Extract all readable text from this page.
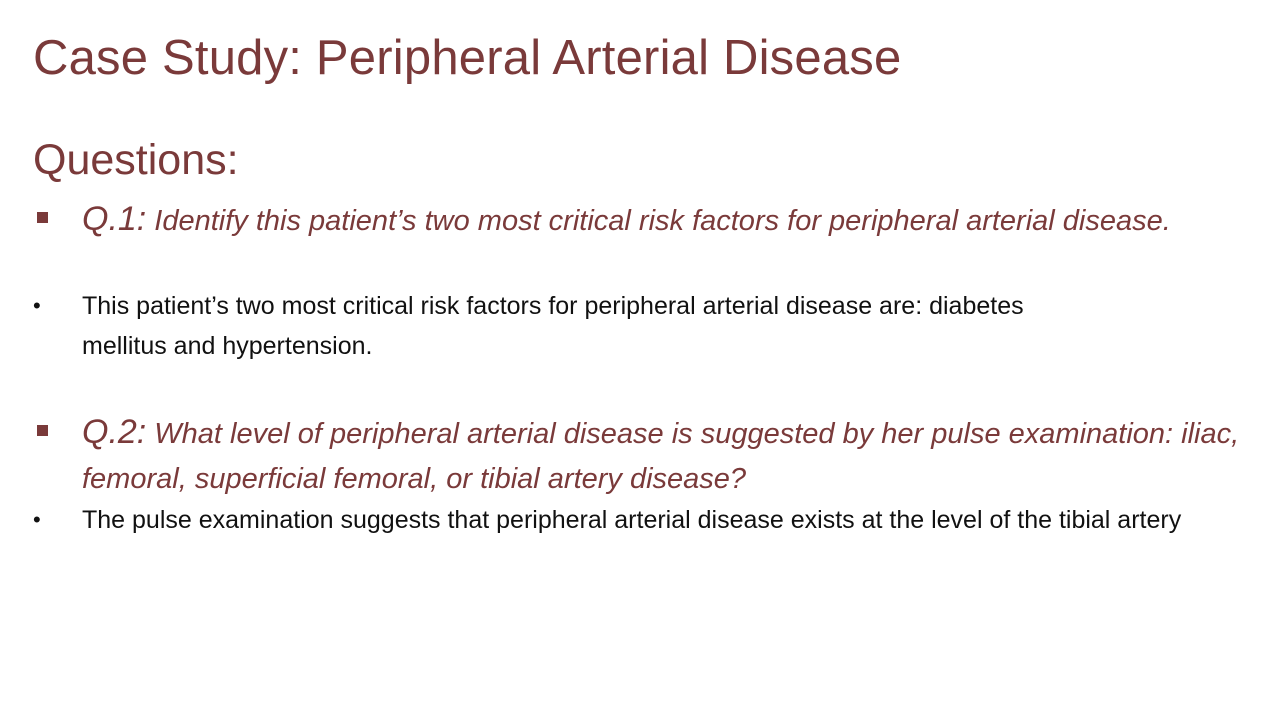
Case Study: Peripheral Arterial Disease
Questions:
Q.1: Identify this patient’s two most critical risk factors for peripheral arterial disease.
• This patient’s two most critical risk factors for peripheral arterial disease are: diabetes mellitus and hypertension.
Q.2: What level of peripheral arterial disease is suggested by her pulse examination: iliac, femoral, superficial femoral, or tibial artery disease?
• The pulse examination suggests that peripheral arterial disease exists at the level of the tibial artery
